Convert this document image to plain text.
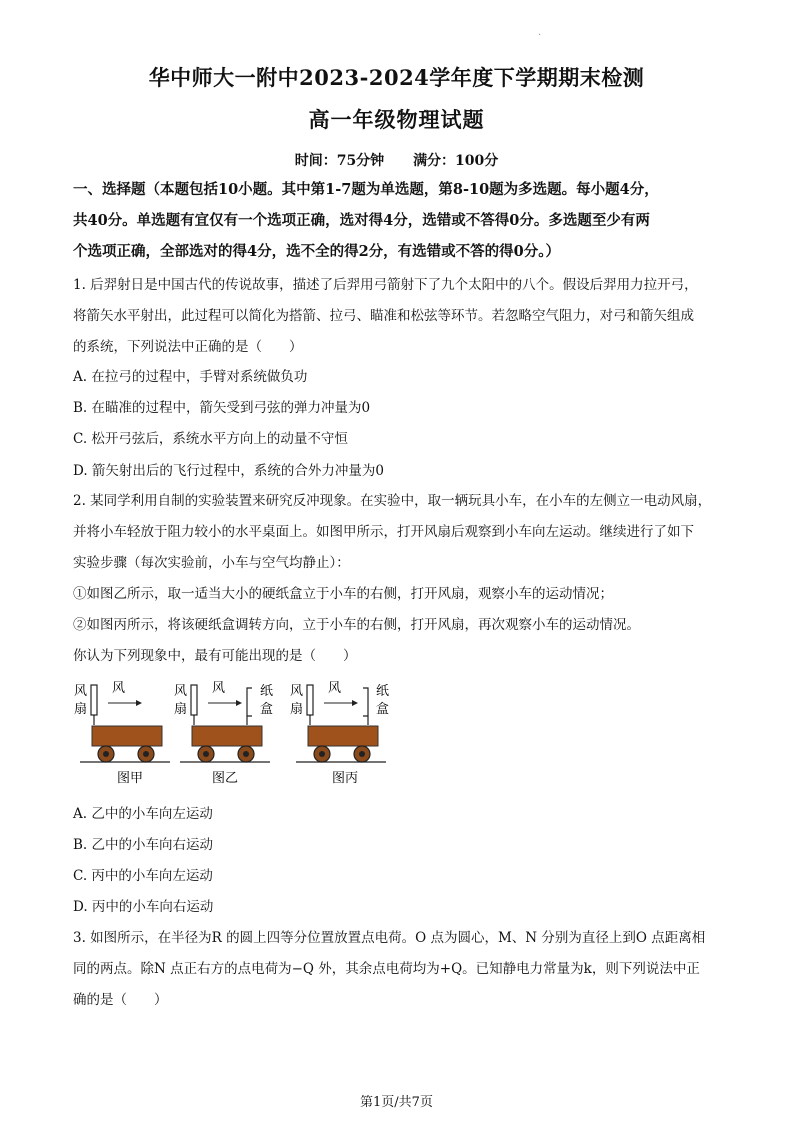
·
华中师大一附中2023-2024学年度下学期期末检测
高一年级物理试题
时间：75分钟 满分：100分
一、选择题（本题包括10小题。其中第1-7题为单选题，第8-10题为多选题。每小题4分，
共40分。单选题有宜仅有一个选项正确，选对得4分，选错或不答得0分。多选题至少有两
个选项正确，全部选对的得4分，选不全的得2分，有选错或不答的得0分。）
1. 后羿射日是中国古代的传说故事，描述了后羿用弓箭射下了九个太阳中的八个。假设后羿用力拉开弓，
将箭矢水平射出，此过程可以简化为搭箭、拉弓、瞄准和松弦等环节。若忽略空气阻力，对弓和箭矢组成
的系统，下列说法中正确的是（　　）
A. 在拉弓的过程中，手臂对系统做负功
B. 在瞄准的过程中，箭矢受到弓弦的弹力冲量为0
C. 松开弓弦后，系统水平方向上的动量不守恒
D. 箭矢射出后的飞行过程中，系统的合外力冲量为0
2. 某同学利用自制的实验装置来研究反冲现象。在实验中，取一辆玩具小车，在小车的左侧立一电动风扇，
并将小车轻放于阻力较小的水平桌面上。如图甲所示，打开风扇后观察到小车向左运动。继续进行了如下
实验步骤（每次实验前，小车与空气均静止）：
①如图乙所示，取一适当大小的硬纸盒立于小车的右侧，打开风扇，观察小车的运动情况；
②如图丙所示，将该硬纸盒调转方向，立于小车的右侧，打开风扇，再次观察小车的运动情况。
你认为下列现象中，最有可能出现的是（　　）
风
扇
风
图甲
风
扇
风	纸
盒
图乙
风
扇
风	纸
盒
图丙
A. 乙中的小车向左运动
B. 乙中的小车向右运动
C. 丙中的小车向左运动
D. 丙中的小车向右运动
3. 如图所示，在半径为R 的圆上四等分位置放置点电荷。O 点为圆心，M、N 分别为直径上到O 点距离相
同的两点。除N 点正右方的点电荷为−Q 外，其余点电荷均为+Q。已知静电力常量为k，则下列说法中正
确的是（　　）
第1页/共7页
